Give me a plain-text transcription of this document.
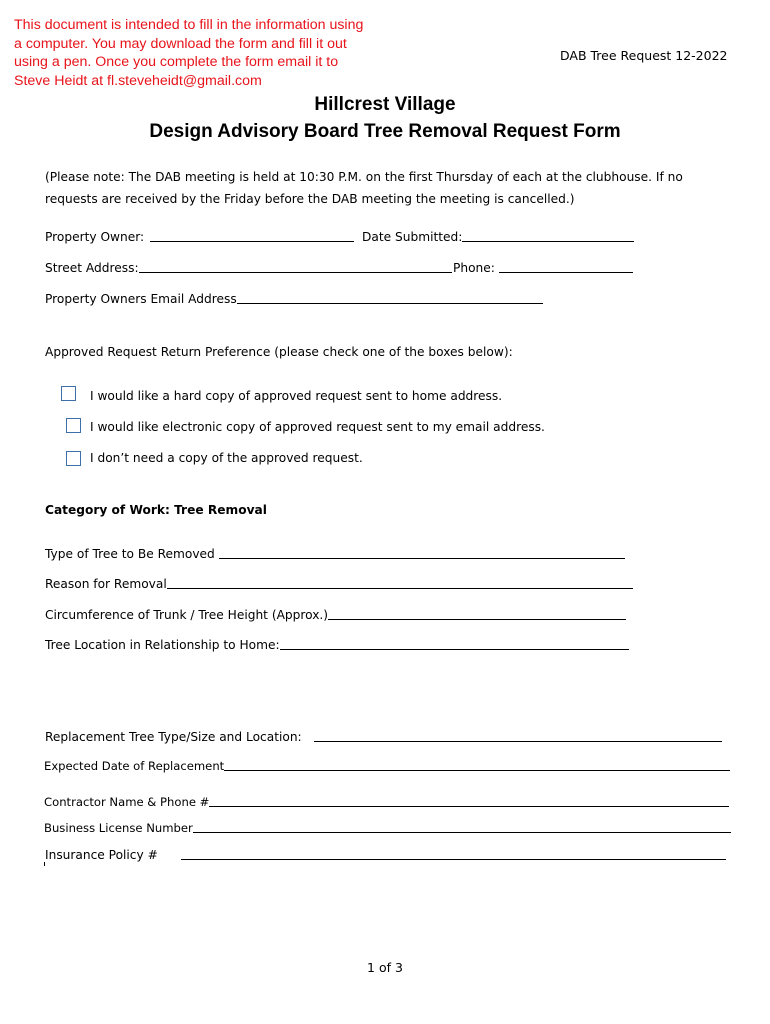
This document is intended to fill in the information using a computer. You may download the form and fill it out using a pen. Once you complete the form email it to Steve Heidt at fl.steveheidt@gmail.com
DAB Tree Request 12-2022
Hillcrest Village
Design Advisory Board Tree Removal Request Form
(Please note: The DAB meeting is held at 10:30 P.M. on the first Thursday of each at the clubhouse. If no requests are received by the Friday before the DAB meeting the meeting is cancelled.)
Property Owner:	Date Submitted:
Street Address:	Phone:
Property Owners Email Address
Approved Request Return Preference (please check one of the boxes below):
I would like a hard copy of approved request sent to home address.
I would like electronic copy of approved request sent to my email address.
I don’t need a copy of the approved request.
Category of Work: Tree Removal
Type of Tree to Be Removed
Reason for Removal
Circumference of Trunk / Tree Height (Approx.)
Tree Location in Relationship to Home:
Replacement Tree Type/Size and Location:
Expected Date of Replacement
Contractor Name & Phone #
Business License Number
Insurance Policy #
1 of 3
